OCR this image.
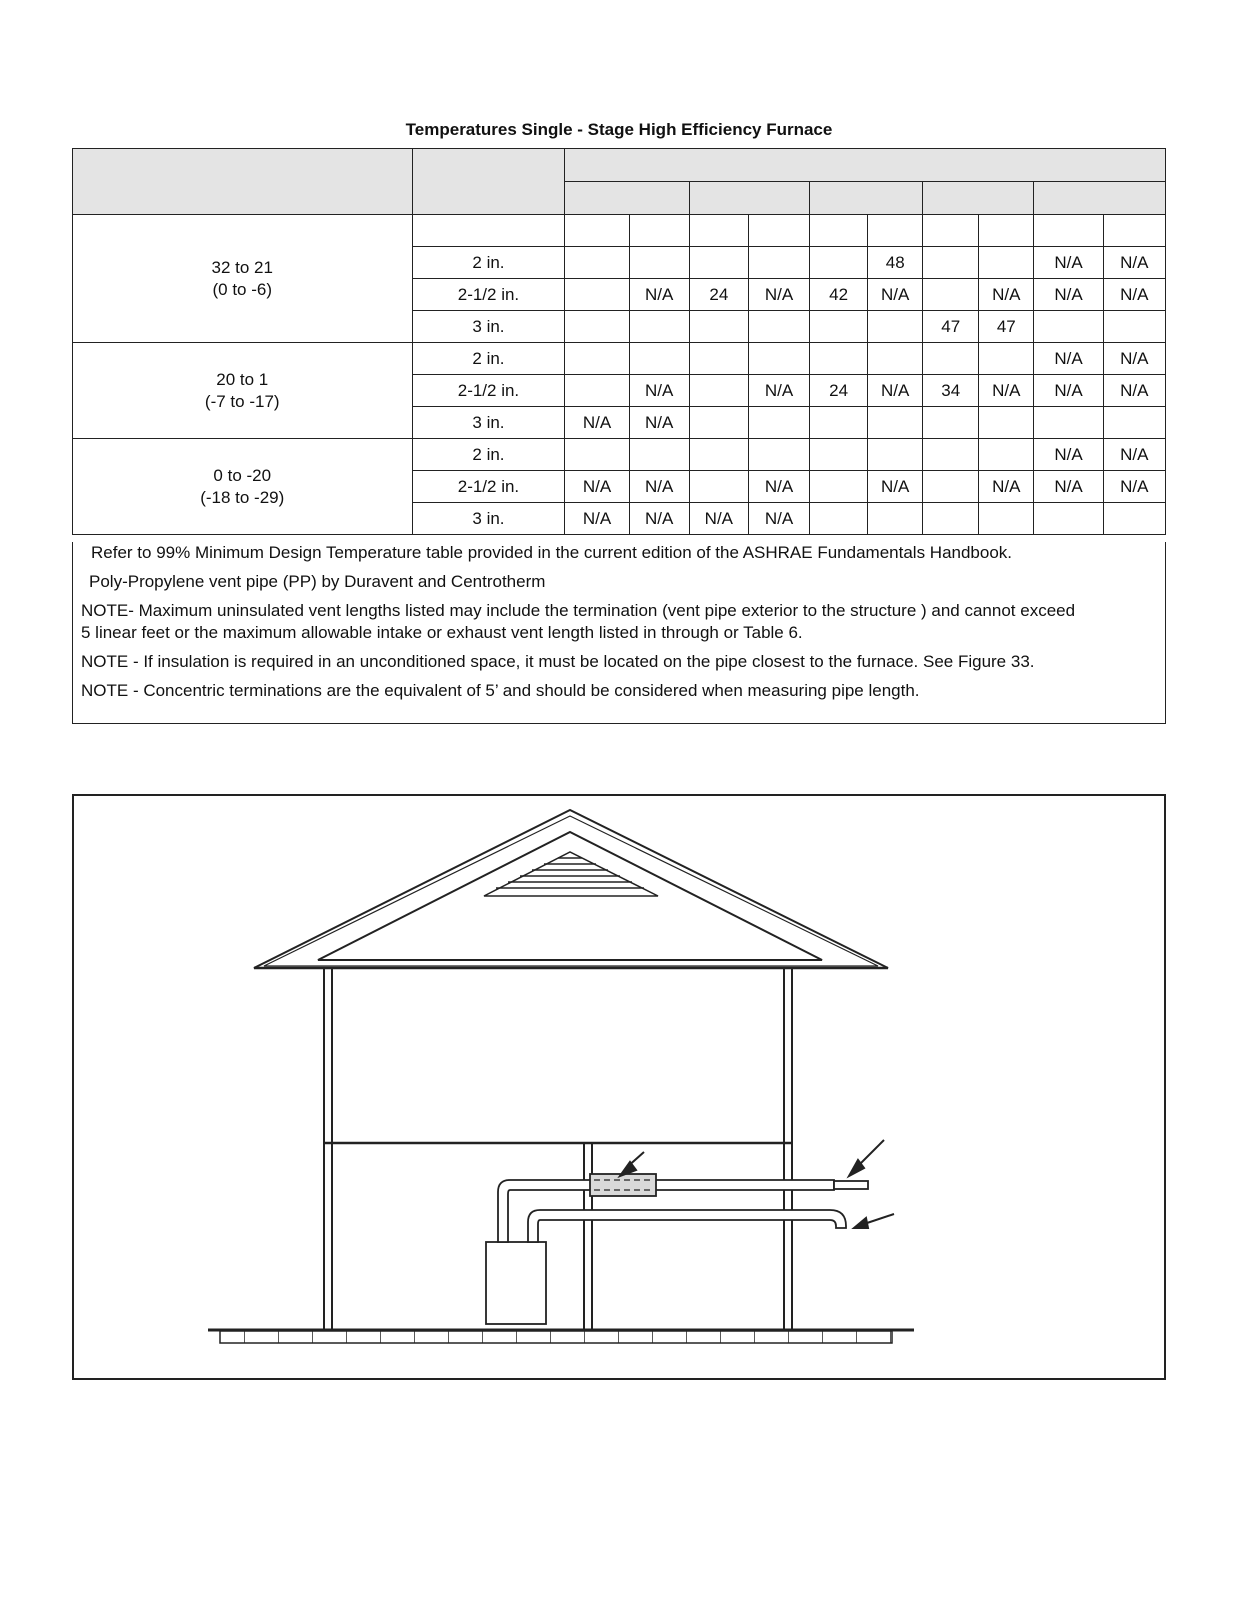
Temperatures Single - Stage High Efficiency Furnace

32 to 21
(0 to -6)											

	2 in.						48			N/A	N/A
	2-1/2 in.		N/A	24	N/A	42	N/A		N/A	N/A	N/A
	3 in.							47	47		

20 to 1
(-7 to -17)	2 in.									N/A	N/A
	2-1/2 in.		N/A		N/A	24	N/A	34	N/A	N/A	N/A
	3 in.	N/A	N/A								

0 to -20
(-18 to -29)	2 in.									N/A	N/A
	2-1/2 in.	N/A	N/A		N/A		N/A		N/A	N/A	N/A
	3 in.	N/A	N/A	N/A	N/A						

Refer to 99% Minimum Design Temperature table provided in the current edition of the ASHRAE Fundamentals Handbook.

Poly-Propylene vent pipe (PP) by Duravent and Centrotherm

NOTE- Maximum uninsulated vent lengths listed may include the termination (vent pipe exterior to the structure ) and cannot exceed

5 linear feet or the maximum allowable intake or exhaust vent length listed in through or Table 6.

NOTE - If insulation is required in an unconditioned space, it must be located on the pipe closest to the furnace. See Figure 33.

NOTE - Concentric terminations are the equivalent of 5’ and should be considered when measuring pipe length.
